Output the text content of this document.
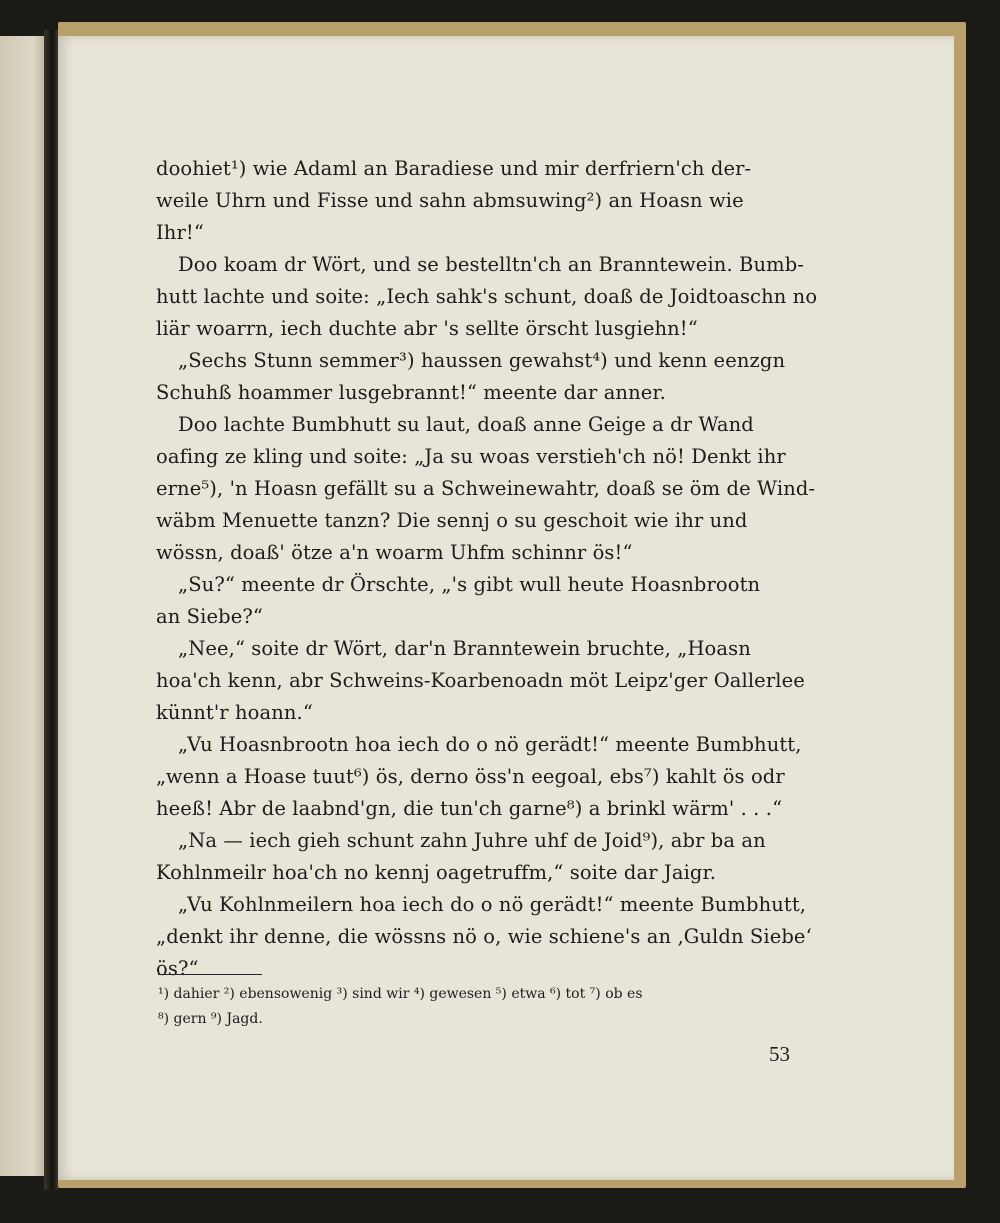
doohiet¹) wie Adaml an Baradiese und mir derfriern'ch der-
weile Uhrn und Fisse und sahn abmsuwing²) an Hoasn wie
Ihr!“
Doo koam dr Wört, und se bestelltn'ch an Branntewein. Bumb-
hutt lachte und soite: „Iech sahk's schunt, doaß de Joidtoaschn no
liär woarrn, iech duchte abr 's sellte örscht lusgiehn!“
„Sechs Stunn semmer³) haussen gewahst⁴) und kenn eenzgn
Schuhß hoammer lusgebrannt!“ meente dar anner.
Doo lachte Bumbhutt su laut, doaß anne Geige a dr Wand
oafing ze kling und soite: „Ja su woas verstieh'ch nö! Denkt ihr
erne⁵), 'n Hoasn gefällt su a Schweinewahtr, doaß se öm de Wind-
wäbm Menuette tanzn? Die sennj o su geschoit wie ihr und
wössn, doaß' ötze a'n woarm Uhfm schinnr ös!“
„Su?“ meente dr Örschte, „'s gibt wull heute Hoasnbrootn
an Siebe?“
„Nee,“ soite dr Wört, dar'n Branntewein bruchte, „Hoasn
hoa'ch kenn, abr Schweins-Koarbenoadn möt Leipz'ger Oallerlee
künnt'r hoann.“
„Vu Hoasnbrootn hoa iech do o nö gerädt!“ meente Bumbhutt,
„wenn a Hoase tuut⁶) ös, derno öss'n eegoal, ebs⁷) kahlt ös odr
heeß! Abr de laabnd'gn, die tun'ch garne⁸) a brinkl wärm' . . .“
„Na — iech gieh schunt zahn Juhre uhf de Joid⁹), abr ba an
Kohlnmeilr hoa'ch no kennj oagetruffm,“ soite dar Jaigr.
„Vu Kohlnmeilern hoa iech do o nö gerädt!“ meente Bumbhutt,
„denkt ihr denne, die wössns nö o, wie schiene's an ‚Guldn Siebe‘
ös?“
¹) dahier ²) ebensowenig ³) sind wir ⁴) gewesen ⁵) etwa ⁶) tot ⁷) ob es
⁸) gern ⁹) Jagd.
53
